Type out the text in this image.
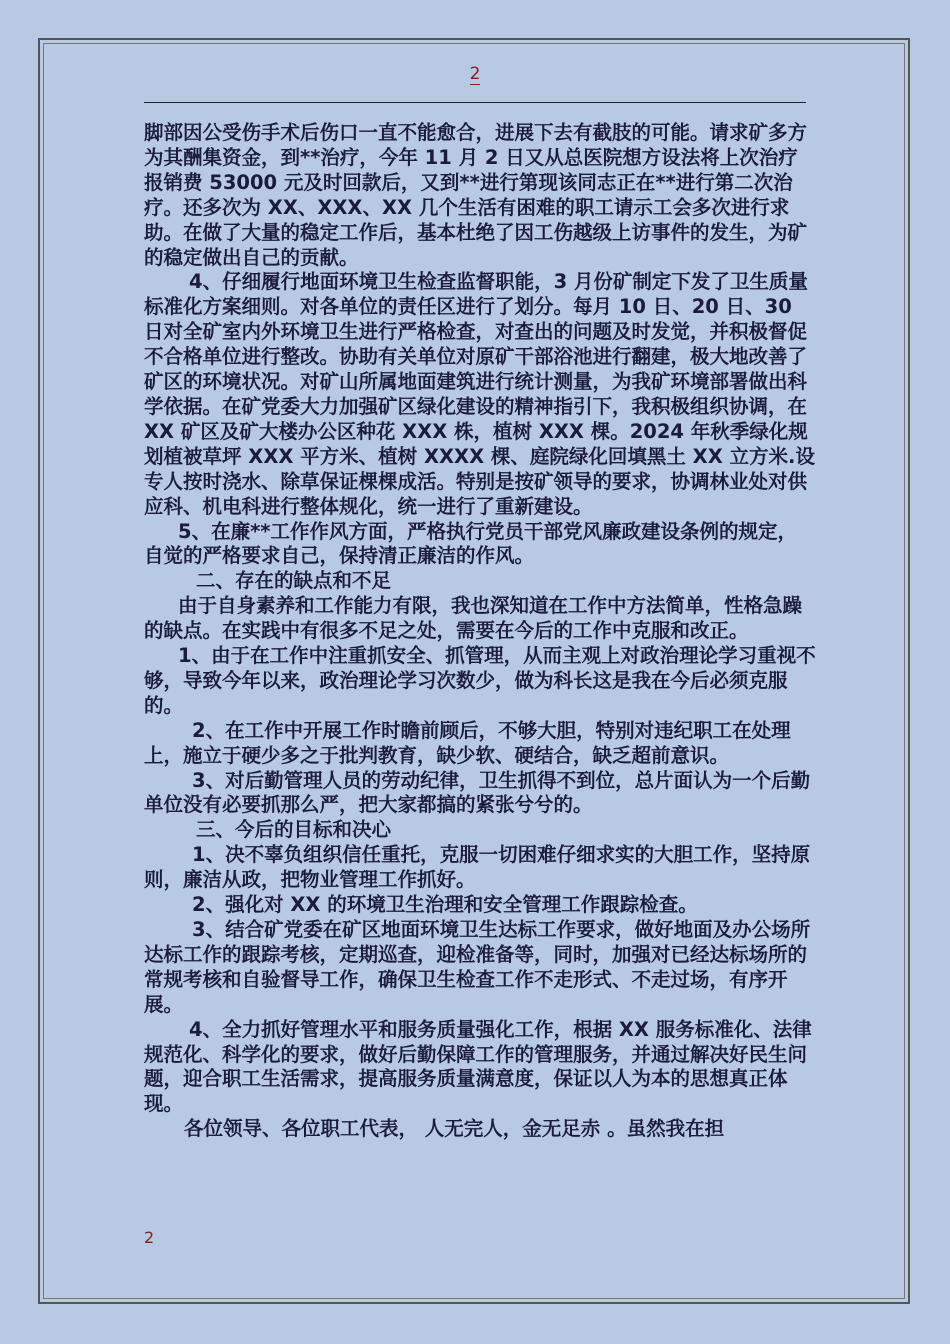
2

脚部因公受伤手术后伤口一直不能愈合，进展下去有截肢的可能。请求矿多方为其酬集资金，到**治疗，今年 11 月 2 日又从总医院想方设法将上次治疗报销费 53000 元及时回款后，又到**进行第现该同志正在**进行第二次治疗。还多次为 XX、XXX、XX 几个生活有困难的职工请示工会多次进行求助。在做了大量的稳定工作后，基本杜绝了因工伤越级上访事件的发生，为矿的稳定做出自己的贡献。

4、仔细履行地面环境卫生检查监督职能，3 月份矿制定下发了卫生质量标准化方案细则。对各单位的责任区进行了划分。每月 10 日、20 日、30 日对全矿室内外环境卫生进行严格检查，对查出的问题及时发觉，并积极督促不合格单位进行整改。协助有关单位对原矿干部浴池进行翻建，极大地改善了矿区的环境状况。对矿山所属地面建筑进行统计测量，为我矿环境部署做出科学依据。在矿党委大力加强矿区绿化建设的精神指引下，我积极组织协调，在 XX 矿区及矿大楼办公区种花 XXX 株，植树 XXX 棵。2024 年秋季绿化规划植被草坪 XXX 平方米、植树 XXXX 棵、庭院绿化回填黑土 XX 立方米.设专人按时浇水、除草保证棵棵成活。特别是按矿领导的要求，协调林业处对供应科、机电科进行整体规化，统一进行了重新建设。

5、在廉**工作作风方面，严格执行党员干部党风廉政建设条例的规定，自觉的严格要求自己，保持清正廉洁的作风。

二、存在的缺点和不足

由于自身素养和工作能力有限，我也深知道在工作中方法简单，性格急躁的缺点。在实践中有很多不足之处，需要在今后的工作中克服和改正。

1、由于在工作中注重抓安全、抓管理，从而主观上对政治理论学习重视不够，导致今年以来，政治理论学习次数少，做为科长这是我在今后必须克服的。

2、在工作中开展工作时瞻前顾后，不够大胆，特别对违纪职工在处理上，施立于硬少多之于批判教育，缺少软、硬结合，缺乏超前意识。

3、对后勤管理人员的劳动纪律，卫生抓得不到位，总片面认为一个后勤单位没有必要抓那么严，把大家都搞的紧张兮兮的。

三、今后的目标和决心

1、决不辜负组织信任重托，克服一切困难仔细求实的大胆工作，坚持原则，廉洁从政，把物业管理工作抓好。

2、强化对 XX 的环境卫生治理和安全管理工作跟踪检查。

3、结合矿党委在矿区地面环境卫生达标工作要求，做好地面及办公场所达标工作的跟踪考核，定期巡查，迎检准备等，同时，加强对已经达标场所的常规考核和自验督导工作，确保卫生检查工作不走形式、不走过场，有序开展。

4、全力抓好管理水平和服务质量强化工作，根据 XX 服务标准化、法律规范化、科学化的要求，做好后勤保障工作的管理服务，并通过解决好民生问题，迎合职工生活需求，提高服务质量满意度，保证以人为本的思想真正体现。

各位领导、各位职工代表， 人无完人，金无足赤 。虽然我在担

2
